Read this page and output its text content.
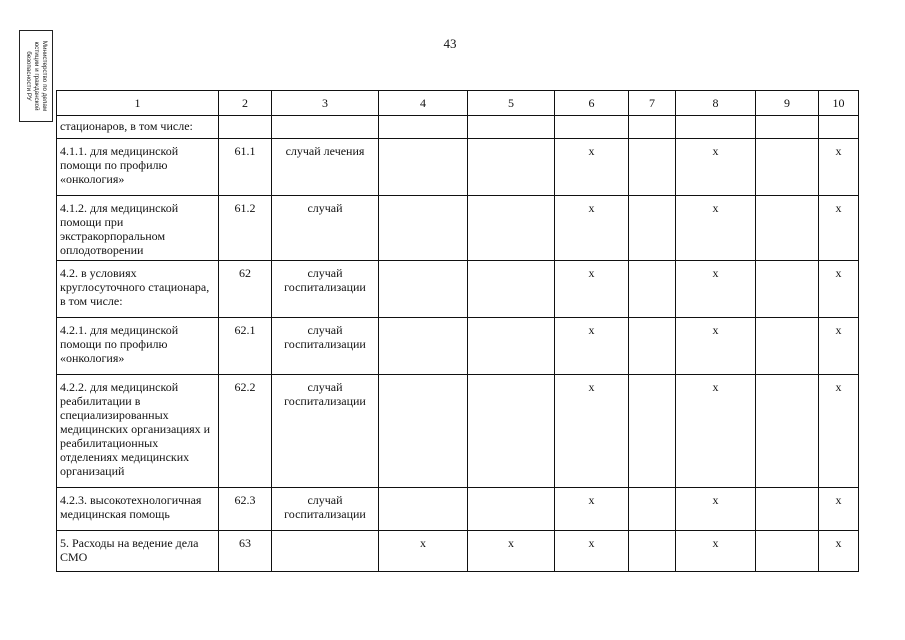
43
Министерство по делам
юстиции и гражданской
безопасности РУ
1	2	3	4	5	6	7	8	9	10
стационаров, в том числе:									
4.1.1. для медицинской помощи по профилю «онкология»	61.1	случай лечения			х		х		х
4.1.2. для медицинской помощи при экстракорпоральном оплодотворении	61.2	случай			х		х		х
4.2. в условиях круглосуточного стационара, в том числе:	62	случай госпитализации			х		х		х
4.2.1. для медицинской помощи по профилю «онкология»	62.1	случай госпитализации			х		х		х
4.2.2. для медицинской реабилитации в специализированных медицинских организациях и реабилитационных отделениях медицинских организаций	62.2	случай госпитализации			х		х		х
4.2.3. высокотехнологичная медицинская помощь	62.3	случай госпитализации			х		х		х
5. Расходы на ведение дела СМО	63		х	х	х		х		х
